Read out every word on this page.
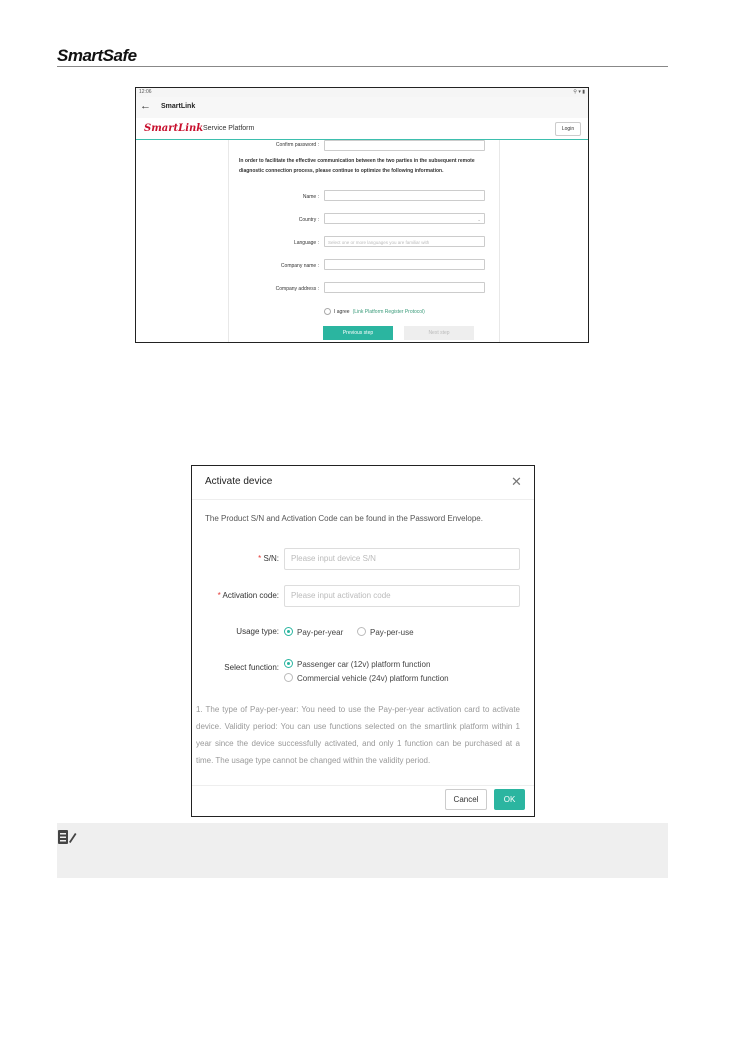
SmartSafe
12:06	⚲ ▾ ▮
← SmartLink
SmartLink Service Platform	Login
Confirm password :
In order to facilitate the effective communication between the two parties in the subsequent remote diagnostic connection process, please continue to optimize the following information.
Name :
Country :	⌄
Language :	Select one or more languages you are familiar with
Company name :
Company address :
I agree (Link Platform Register Protocol)
Previous step	Next step
Activate device	✕
The Product S/N and Activation Code can be found in the Password Envelope.
* S/N:	Please input device S/N
* Activation code:	Please input activation code
Usage type:	Pay-per-year	Pay-per-use
Select function:	Passenger car (12v) platform function
Commercial vehicle (24v) platform function
1. The type of Pay-per-year: You need to use the Pay-per-year activation card to activate device. Validity period: You can use functions selected on the smartlink platform within 1 year since the device successfully activated, and only 1 function can be purchased at a time. The usage type cannot be changed within the validity period.
Cancel	OK
